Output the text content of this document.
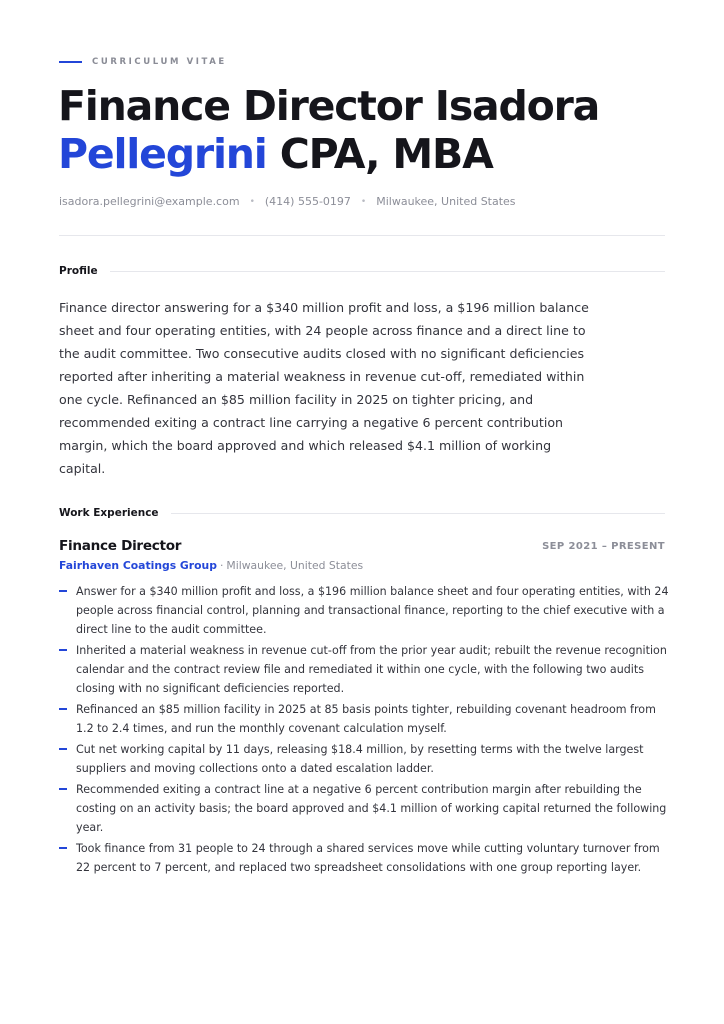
CURRICULUM VITAE
Finance Director Isadora
Pellegrini CPA, MBA
isadora.pellegrini@example.com • (414) 555-0197 • Milwaukee, United States
Profile

Finance director answering for a $340 million profit and loss, a $196 million balance sheet and four operating entities, with 24 people across finance and a direct line to the audit committee. Two consecutive audits closed with no significant deficiencies reported after inheriting a material weakness in revenue cut-off, remediated within one cycle. Refinanced an $85 million facility in 2025 on tighter pricing, and recommended exiting a contract line carrying a negative 6 percent contribution margin, which the board approved and which released $4.1 million of working capital.

Work Experience
Finance Director	SEP 2021 – PRESENT
Fairhaven Coatings Group · Milwaukee, United States
Answer for a $340 million profit and loss, a $196 million balance sheet and four operating entities, with 24 people across financial control, planning and transactional finance, reporting to the chief executive with a direct line to the audit committee.
Inherited a material weakness in revenue cut-off from the prior year audit; rebuilt the revenue recognition calendar and the contract review file and remediated it within one cycle, with the following two audits closing with no significant deficiencies reported.
Refinanced an $85 million facility in 2025 at 85 basis points tighter, rebuilding covenant headroom from 1.2 to 2.4 times, and run the monthly covenant calculation myself.
Cut net working capital by 11 days, releasing $18.4 million, by resetting terms with the twelve largest suppliers and moving collections onto a dated escalation ladder.
Recommended exiting a contract line at a negative 6 percent contribution margin after rebuilding the costing on an activity basis; the board approved and $4.1 million of working capital returned the following year.
Took finance from 31 people to 24 through a shared services move while cutting voluntary turnover from 22 percent to 7 percent, and replaced two spreadsheet consolidations with one group reporting layer.
